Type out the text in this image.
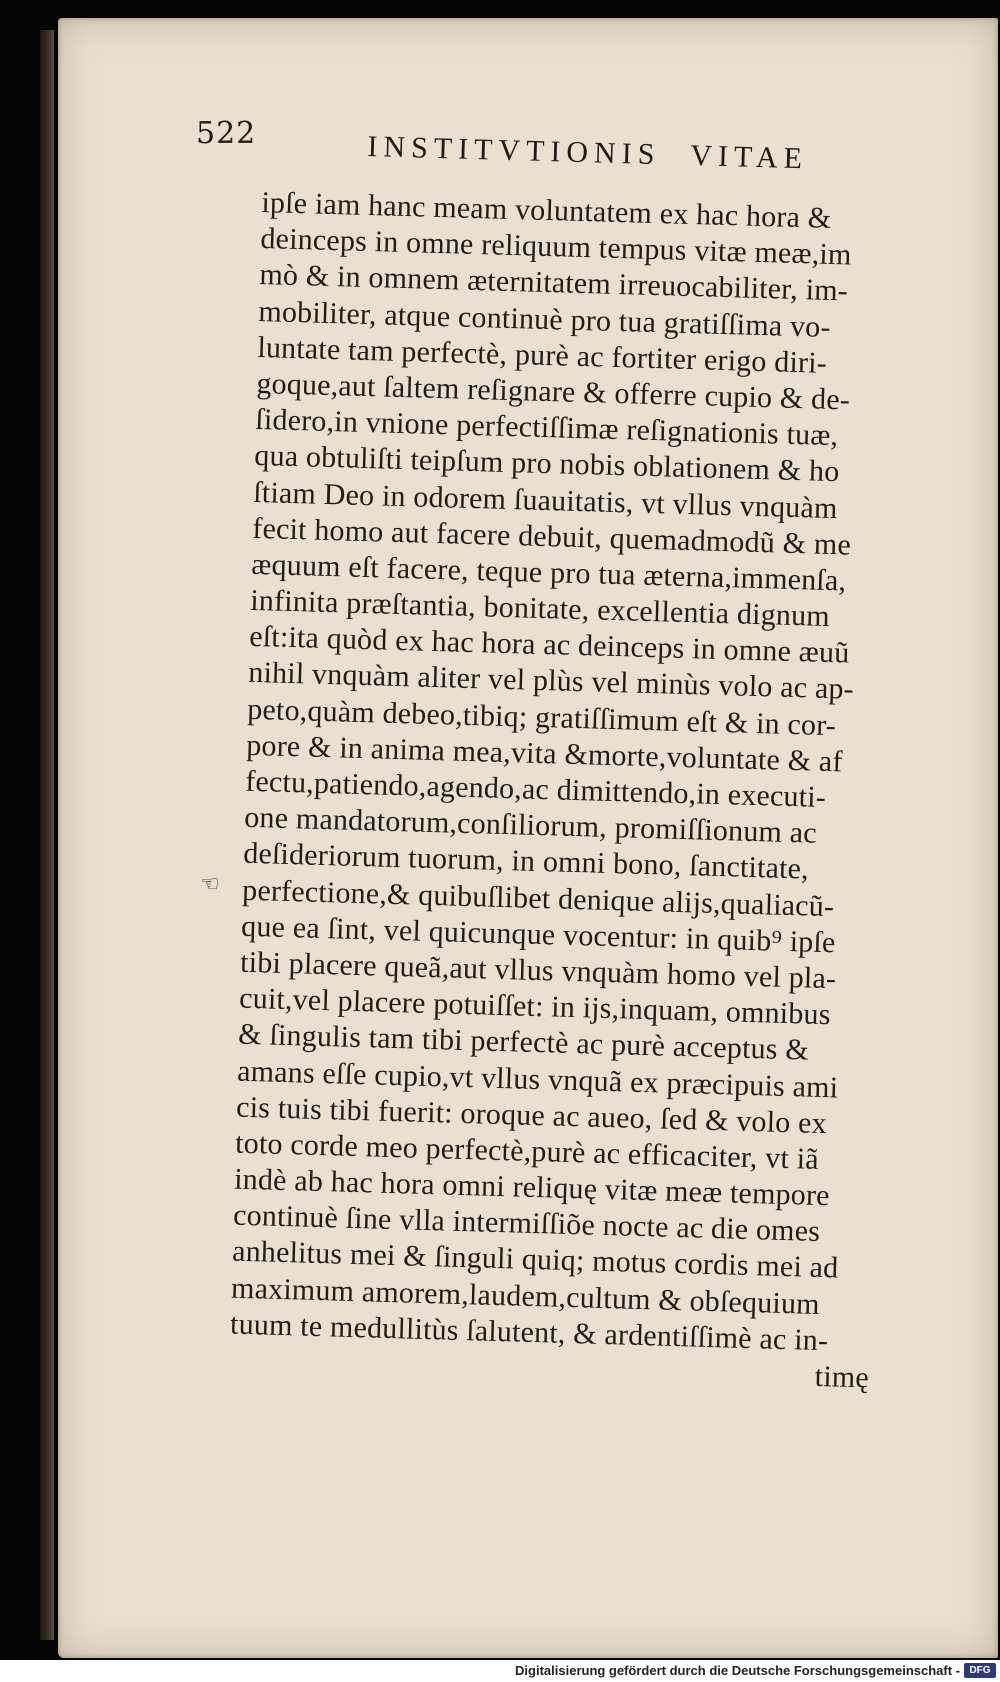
522	INSTITVTIONIS VITAE
☜
ipſe iam hanc meam voluntatem ex hac hora &
deinceps in omne reliquum tempus vitæ meæ,im
mò & in omnem æternitatem irreuocabiliter, im-
mobiliter, atque continuè pro tua gratiſſima vo-
luntate tam perfectè, purè ac fortiter erigo diri-
goque,aut ſaltem reſignare & offerre cupio & de-
ſidero,in vnione perfectiſſimæ reſignationis tuæ,
qua obtuliſti teipſum pro nobis oblationem & ho
ſtiam Deo in odorem ſuauitatis, vt vllus vnquàm
fecit homo aut facere debuit, quemadmodũ & me
æquum eſt facere, teque pro tua æterna,immenſa,
infinita præſtantia, bonitate, excellentia dignum
eſt:ita quòd ex hac hora ac deinceps in omne æuũ
nihil vnquàm aliter vel plùs vel minùs volo ac ap-
peto,quàm debeo,tibiq; gratiſſimum eſt & in cor-
pore & in anima mea,vita &morte,voluntate & af
fectu,patiendo,agendo,ac dimittendo,in executi-
one mandatorum,conſiliorum, promiſſionum ac
deſideriorum tuorum, in omni bono, ſanctitate,
perfectione,& quibuſlibet denique alijs,qualiacũ-
que ea ſint, vel quicunque vocentur: in quib⁹ ipſe
tibi placere queã,aut vllus vnquàm homo vel pla-
cuit,vel placere potuiſſet: in ijs,inquam, omnibus
& ſingulis tam tibi perfectè ac purè acceptus &
amans eſſe cupio,vt vllus vnquã ex præcipuis ami
cis tuis tibi fuerit: oroque ac aueo, ſed & volo ex
toto corde meo perfectè,purè ac efficaciter, vt iã
indè ab hac hora omni reliquę vitæ meæ tempore
continuè ſine vlla intermiſſiõe nocte ac die omes
anhelitus mei & ſinguli quiq; motus cordis mei ad
maximum amorem,laudem,cultum & obſequium
tuum te medullitùs ſalutent, & ardentiſſimè ac in-
timę
Digitalisierung gefördert durch die Deutsche Forschungsgemeinschaft - DFG
